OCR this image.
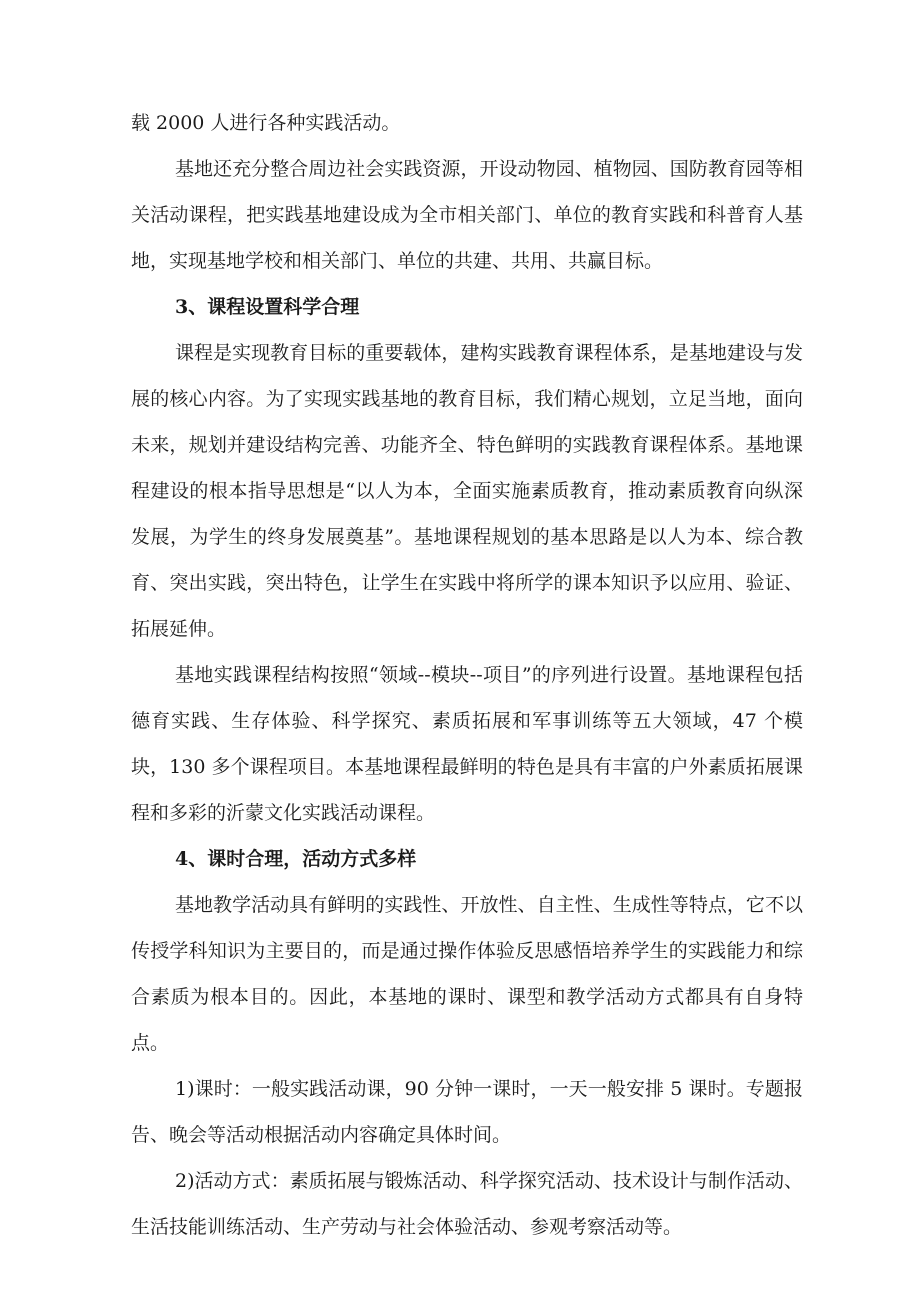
载 2000 人进行各种实践活动。

基地还充分整合周边社会实践资源，开设动物园、植物园、国防教育园等相关活动课程，把实践基地建设成为全市相关部门、单位的教育实践和科普育人基地，实现基地学校和相关部门、单位的共建、共用、共赢目标。

3、课程设置科学合理

课程是实现教育目标的重要载体，建构实践教育课程体系，是基地建设与发展的核心内容。为了实现实践基地的教育目标，我们精心规划，立足当地，面向未来，规划并建设结构完善、功能齐全、特色鲜明的实践教育课程体系。基地课程建设的根本指导思想是“以人为本，全面实施素质教育，推动素质教育向纵深发展，为学生的终身发展奠基”。基地课程规划的基本思路是以人为本、综合教育、突出实践，突出特色，让学生在实践中将所学的课本知识予以应用、验证、拓展延伸。

基地实践课程结构按照“领域--模块--项目”的序列进行设置。基地课程包括德育实践、生存体验、科学探究、素质拓展和军事训练等五大领域，47 个模块，130 多个课程项目。本基地课程最鲜明的特色是具有丰富的户外素质拓展课程和多彩的沂蒙文化实践活动课程。

4、课时合理，活动方式多样

基地教学活动具有鲜明的实践性、开放性、自主性、生成性等特点，它不以传授学科知识为主要目的，而是通过操作体验反思感悟培养学生的实践能力和综合素质为根本目的。因此，本基地的课时、课型和教学活动方式都具有自身特点。

1)课时：一般实践活动课，90 分钟一课时，一天一般安排 5 课时。专题报告、晚会等活动根据活动内容确定具体时间。

2)活动方式：素质拓展与锻炼活动、科学探究活动、技术设计与制作活动、生活技能训练活动、生产劳动与社会体验活动、参观考察活动等。
